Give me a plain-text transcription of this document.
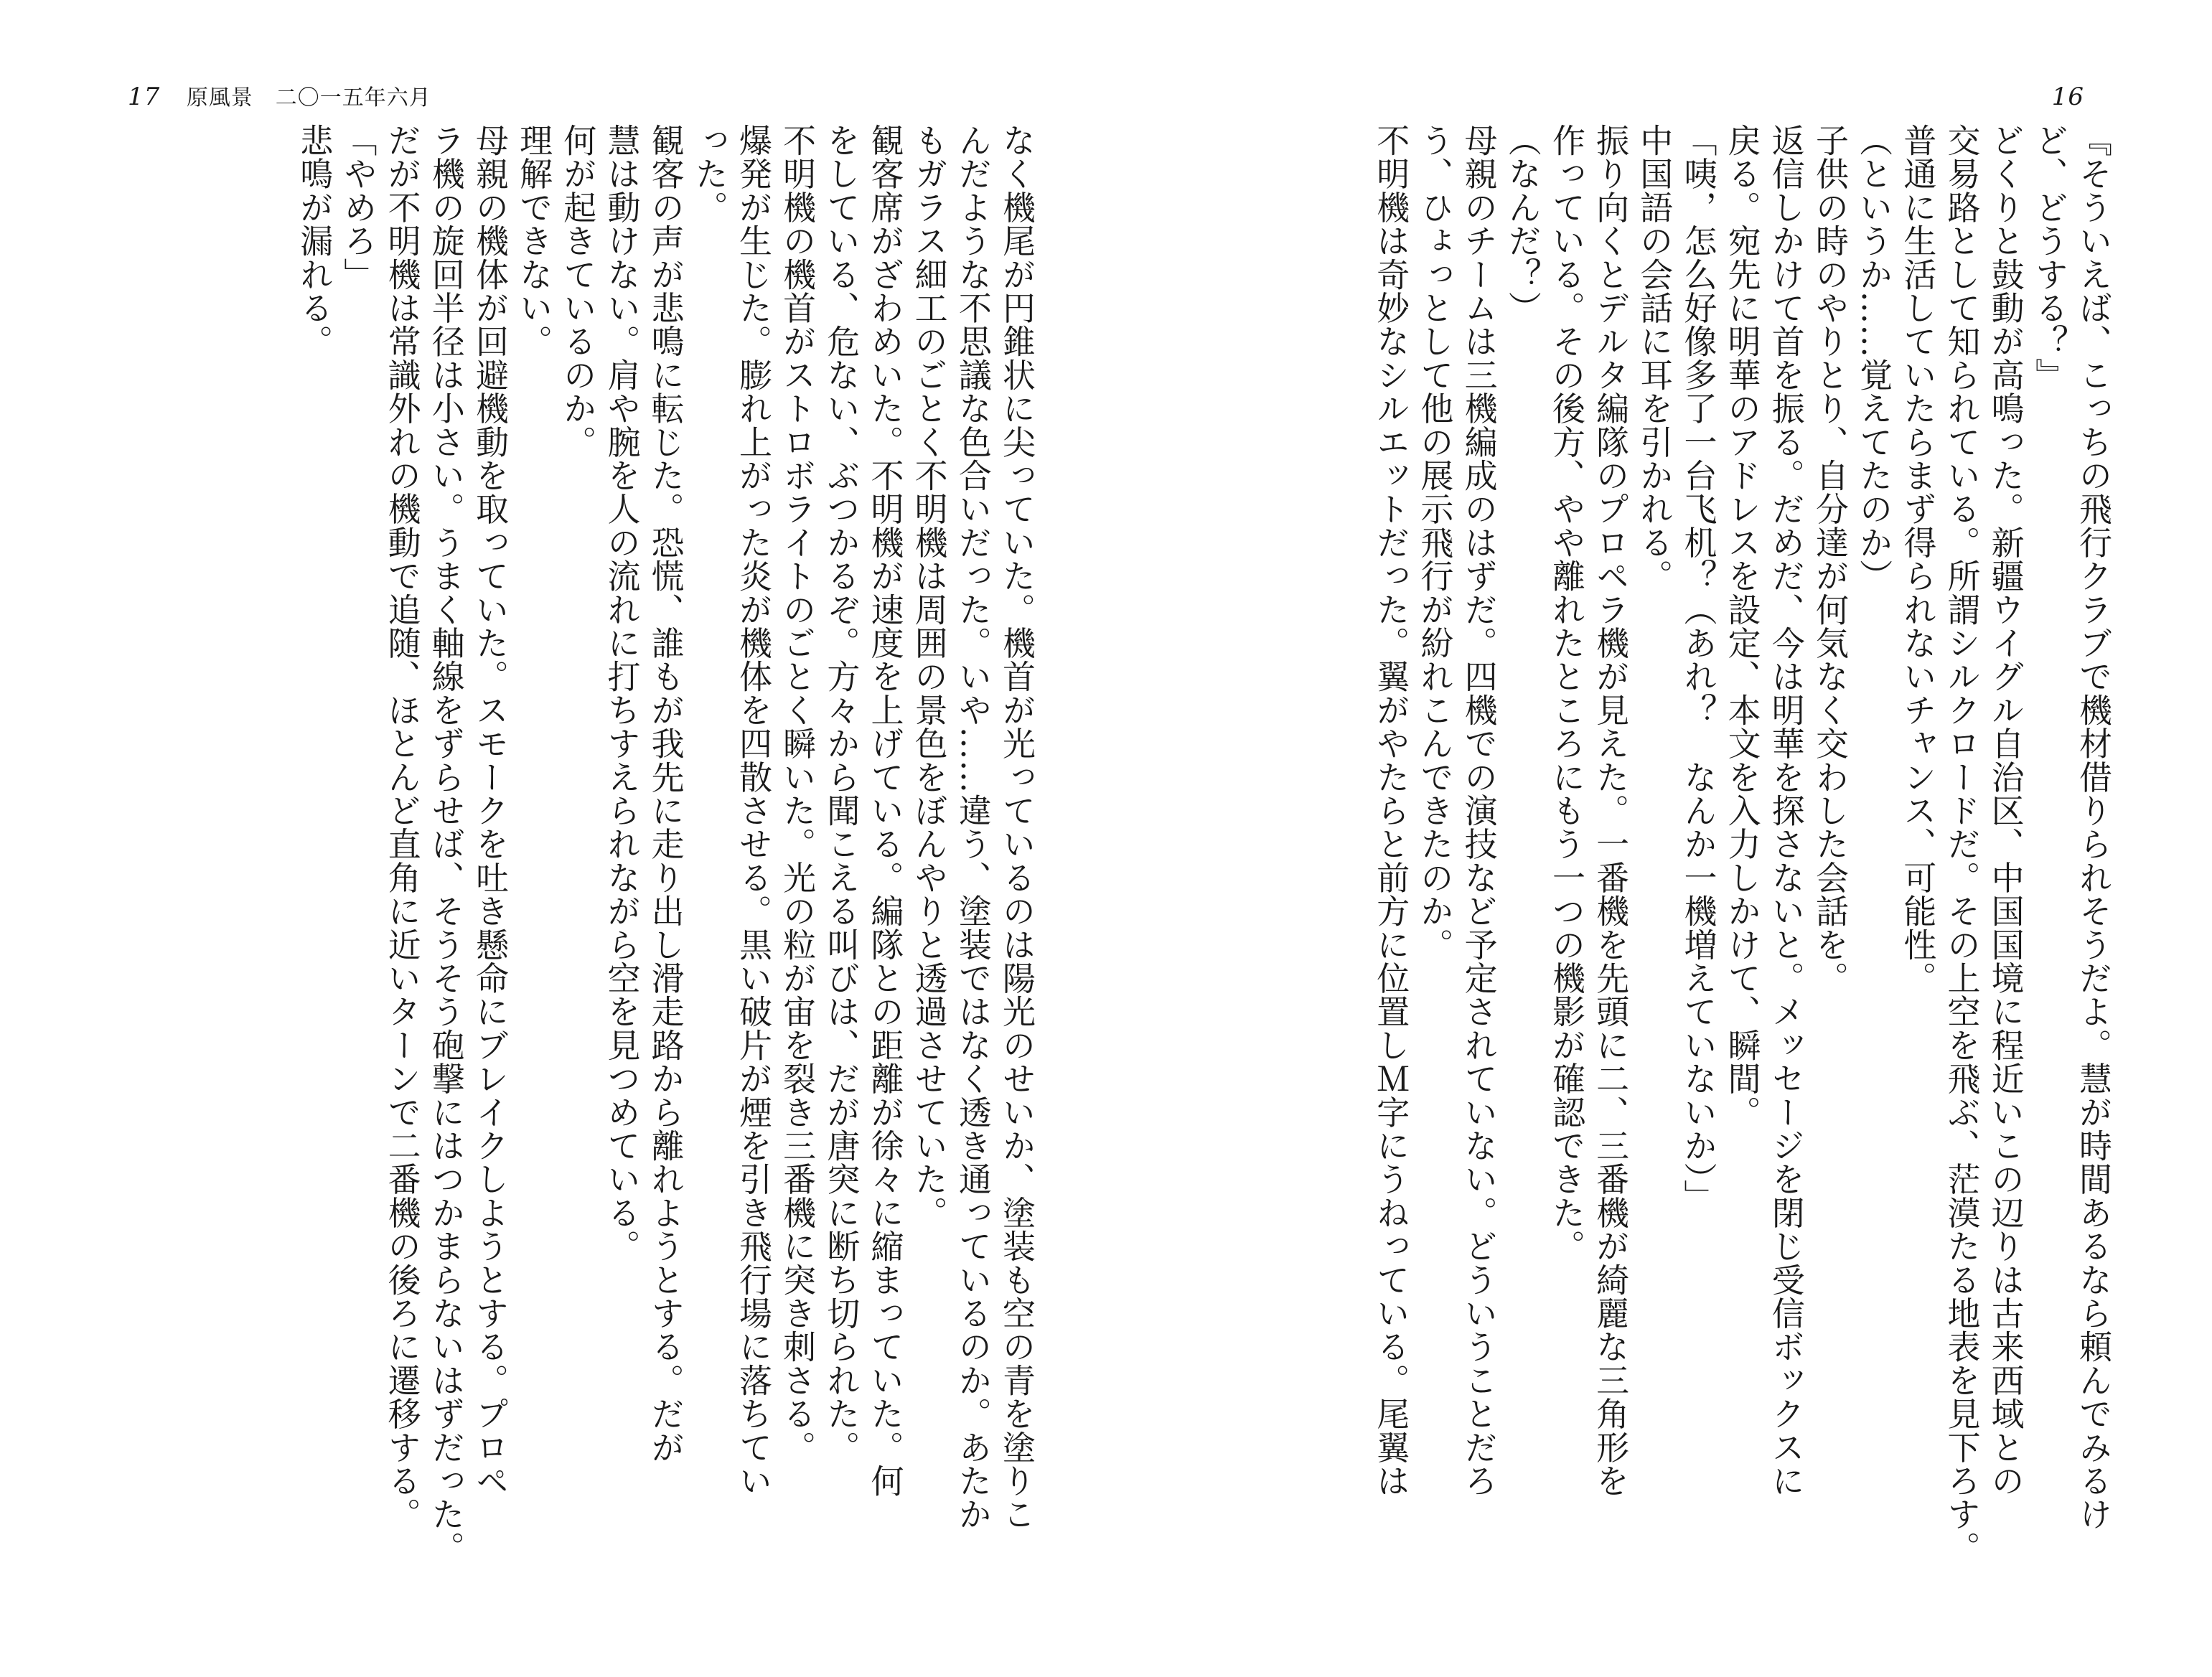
17 原風景　二〇一五年六月	16
『そういえば、こっちの飛行クラブで機材借りられそうだよ。慧が時間あるなら頼んでみるけ
ど、どうする？』
どくりと鼓動が高鳴った。新疆ウイグル自治区、中国国境に程近いこの辺りは古来西域との
交易路として知られている。所謂シルクロードだ。その上空を飛ぶ、茫漠たる地表を見下ろす。
普通に生活していたらまず得られないチャンス、可能性。
（というか……覚えてたのか）
子供の時のやりとり、自分達が何気なく交わした会話を。
返信しかけて首を振る。だめだ、今は明華を探さないと。メッセージを閉じ受信ボックスに
戻る。宛先に明華のアドレスを設定、本文を入力しかけて、瞬間。
「咦，怎么好像多了一台飞机？（あれ？　なんか一機増えていないか）」
中国語の会話に耳を引かれる。
振り向くとデルタ編隊のプロペラ機が見えた。一番機を先頭に二、三番機が綺麗な三角形を
作っている。その後方、やや離れたところにもう一つの機影が確認できた。
（なんだ？）
母親のチームは三機編成のはずだ。四機での演技など予定されていない。どういうことだろ
う、ひょっとして他の展示飛行が紛れこんできたのか。
不明機は奇妙なシルエットだった。翼がやたらと前方に位置しＭ字にうねっている。尾翼は
なく機尾が円錐状に尖っていた。機首が光っているのは陽光のせいか、塗装も空の青を塗りこ
んだような不思議な色合いだった。いや……違う、塗装ではなく透き通っているのか。あたか
もガラス細工のごとく不明機は周囲の景色をぼんやりと透過させていた。
観客席がざわめいた。不明機が速度を上げている。編隊との距離が徐々に縮まっていた。何
をしている、危ない、ぶつかるぞ。方々から聞こえる叫びは、だが唐突に断ち切られた。
不明機の機首がストロボライトのごとく瞬いた。光の粒が宙を裂き三番機に突き刺さる。
爆発が生じた。膨れ上がった炎が機体を四散させる。黒い破片が煙を引き飛行場に落ちてい
った。
観客の声が悲鳴に転じた。恐慌、誰もが我先に走り出し滑走路から離れようとする。だが
慧は動けない。肩や腕を人の流れに打ちすえられながら空を見つめている。
何が起きているのか。
理解できない。
母親の機体が回避機動を取っていた。スモークを吐き懸命にブレイクしようとする。プロペ
ラ機の旋回半径は小さい。うまく軸線をずらせば、そうそう砲撃にはつかまらないはずだった。
だが不明機は常識外れの機動で追随、ほとんど直角に近いターンで二番機の後ろに遷移する。
「やめろ」
悲鳴が漏れる。
